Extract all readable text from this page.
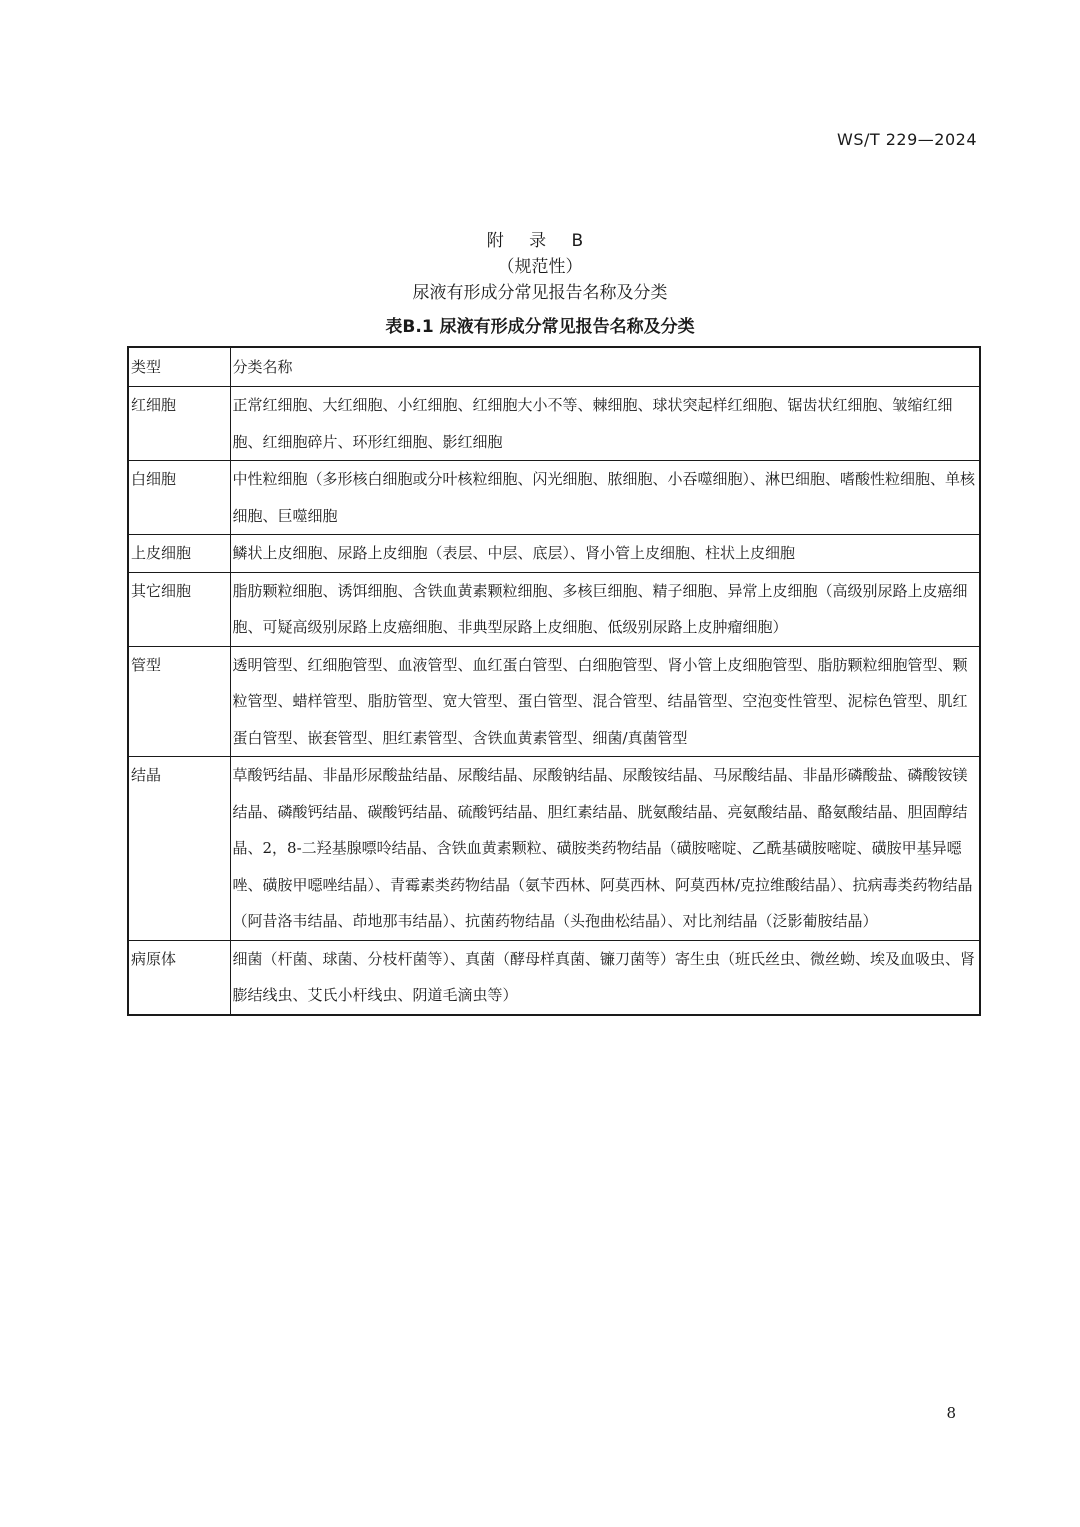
WS/T 229—2024
附 录 B
（规范性）
尿液有形成分常见报告名称及分类
表B.1 尿液有形成分常见报告名称及分类
类型	分类名称
红细胞	正常红细胞、大红细胞、小红细胞、红细胞大小不等、棘细胞、球状突起样红细胞、锯齿状红细胞、皱缩红细胞、红细胞碎片、环形红细胞、影红细胞
白细胞	中性粒细胞（多形核白细胞或分叶核粒细胞、闪光细胞、脓细胞、小吞噬细胞）、淋巴细胞、嗜酸性粒细胞、单核细胞、巨噬细胞
上皮细胞	鳞状上皮细胞、尿路上皮细胞（表层、中层、底层）、肾小管上皮细胞、柱状上皮细胞
其它细胞	脂肪颗粒细胞、诱饵细胞、含铁血黄素颗粒细胞、多核巨细胞、精子细胞、异常上皮细胞（高级别尿路上皮癌细胞、可疑高级别尿路上皮癌细胞、非典型尿路上皮细胞、低级别尿路上皮肿瘤细胞）
管型	透明管型、红细胞管型、血液管型、血红蛋白管型、白细胞管型、肾小管上皮细胞管型、脂肪颗粒细胞管型、颗粒管型、蜡样管型、脂肪管型、宽大管型、蛋白管型、混合管型、结晶管型、空泡变性管型、泥棕色管型、肌红蛋白管型、嵌套管型、胆红素管型、含铁血黄素管型、细菌/真菌管型
结晶	草酸钙结晶、非晶形尿酸盐结晶、尿酸结晶、尿酸钠结晶、尿酸铵结晶、马尿酸结晶、非晶形磷酸盐、磷酸铵镁结晶、磷酸钙结晶、碳酸钙结晶、硫酸钙结晶、胆红素结晶、胱氨酸结晶、亮氨酸结晶、酪氨酸结晶、胆固醇结晶、2，8-二羟基腺嘌呤结晶、含铁血黄素颗粒、磺胺类药物结晶（磺胺嘧啶、乙酰基磺胺嘧啶、磺胺甲基异噁唑、磺胺甲噁唑结晶）、青霉素类药物结晶（氨苄西林、阿莫西林、阿莫西林/克拉维酸结晶）、抗病毒类药物结晶（阿昔洛韦结晶、茚地那韦结晶）、抗菌药物结晶（头孢曲松结晶）、对比剂结晶（泛影葡胺结晶）
病原体	细菌（杆菌、球菌、分枝杆菌等）、真菌（酵母样真菌、镰刀菌等）寄生虫（班氏丝虫、微丝蚴、埃及血吸虫、肾膨结线虫、艾氏小杆线虫、阴道毛滴虫等）
8
